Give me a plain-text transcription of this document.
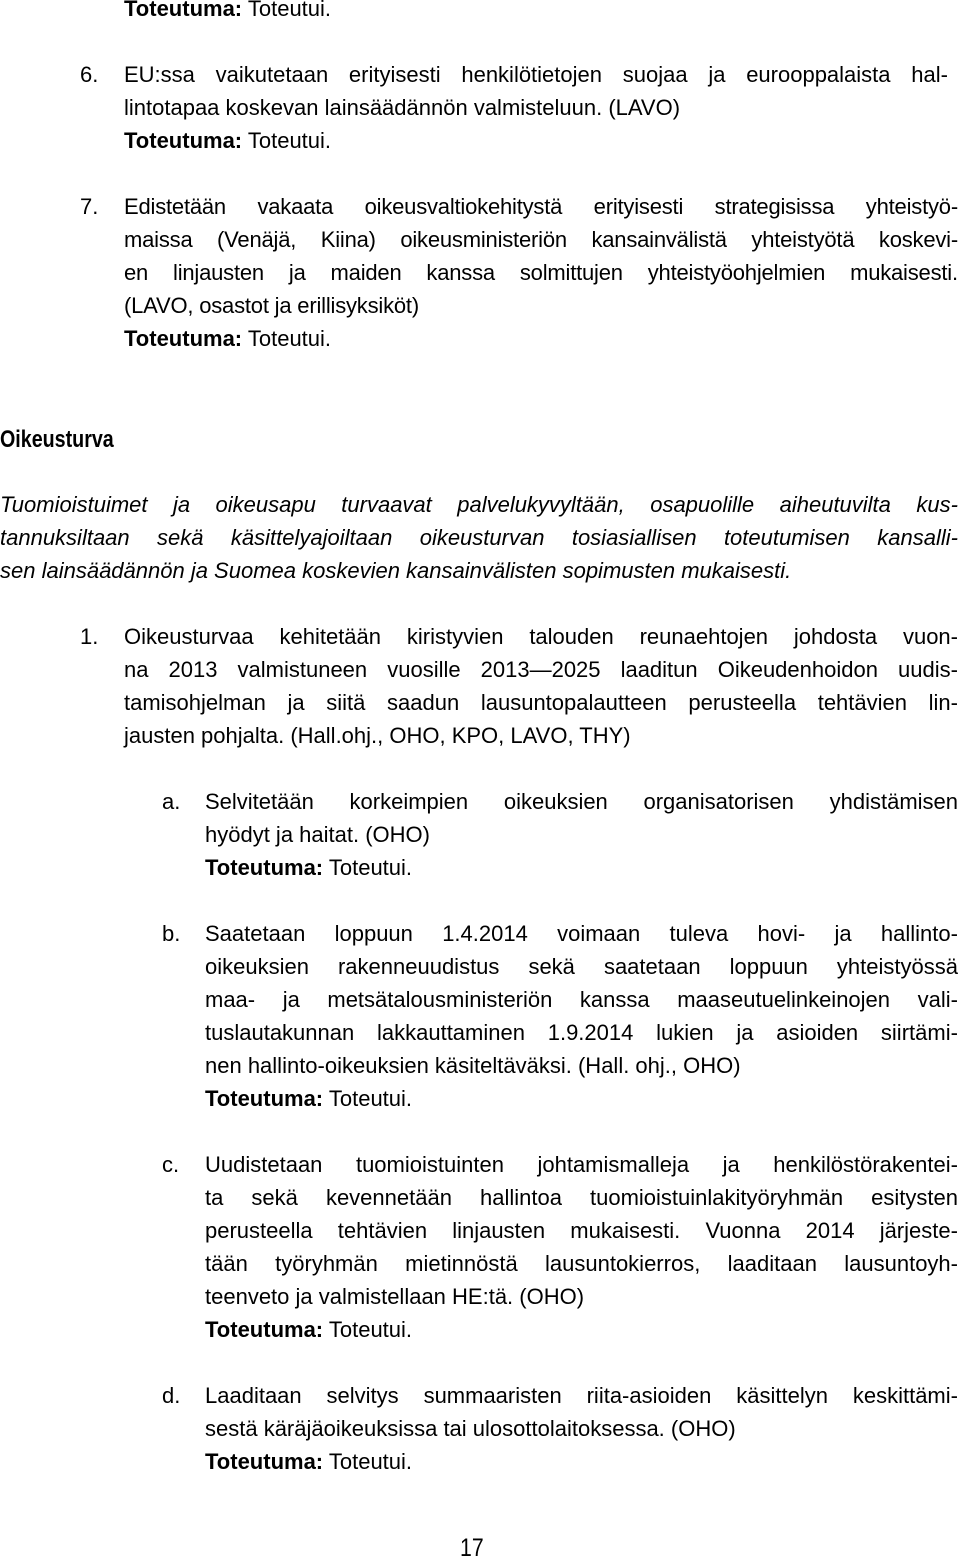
Toteutuma: Toteutui.

6. EU:ssa vaikutetaan erityisesti henkilötietojen suojaa ja eurooppalaista hal-

lintotapaa koskevan lainsäädännön valmisteluun. (LAVO)

Toteutuma: Toteutui.

7. Edistetään vakaata oikeusvaltiokehitystä erityisesti strategisissa yhteistyö-

maissa (Venäjä, Kiina) oikeusministeriön kansainvälistä yhteistyötä koskevi-

en linjausten ja maiden kanssa solmittujen yhteistyöohjelmien mukaisesti.

(LAVO, osastot ja erillisyksiköt)

Toteutuma: Toteutui.

Oikeusturva

Tuomioistuimet ja oikeusapu turvaavat palvelukyvyltään, osapuolille aiheutuvilta kus-

tannuksiltaan sekä käsittelyajoiltaan oikeusturvan tosiasiallisen toteutumisen kansalli-

sen lainsäädännön ja Suomea koskevien kansainvälisten sopimusten mukaisesti.

1. Oikeusturvaa kehitetään kiristyvien talouden reunaehtojen johdosta vuon-

na 2013 valmistuneen vuosille 2013—2025 laaditun Oikeudenhoidon uudis-

tamisohjelman ja siitä saadun lausuntopalautteen perusteella tehtävien lin-

jausten pohjalta. (Hall.ohj., OHO, KPO, LAVO, THY)

a. Selvitetään korkeimpien oikeuksien organisatorisen yhdistämisen

hyödyt ja haitat. (OHO)

Toteutuma: Toteutui.

b. Saatetaan loppuun 1.4.2014 voimaan tuleva hovi- ja hallinto-

oikeuksien rakenneuudistus sekä saatetaan loppuun yhteistyössä

maa- ja metsätalousministeriön kanssa maaseutuelinkeinojen vali-

tuslautakunnan lakkauttaminen 1.9.2014 lukien ja asioiden siirtämi-

nen hallinto-oikeuksien käsiteltäväksi. (Hall. ohj., OHO)

Toteutuma: Toteutui.

c. Uudistetaan tuomioistuinten johtamismalleja ja henkilöstörakentei-

ta sekä kevennetään hallintoa tuomioistuinlakityöryhmän esitysten

perusteella tehtävien linjausten mukaisesti. Vuonna 2014 järjeste-

tään työryhmän mietinnöstä lausuntokierros, laaditaan lausuntoyh-

teenveto ja valmistellaan HE:tä. (OHO)

Toteutuma: Toteutui.

d. Laaditaan selvitys summaaristen riita-asioiden käsittelyn keskittämi-

sestä käräjäoikeuksissa tai ulosottolaitoksessa. (OHO)

Toteutuma: Toteutui.

17
